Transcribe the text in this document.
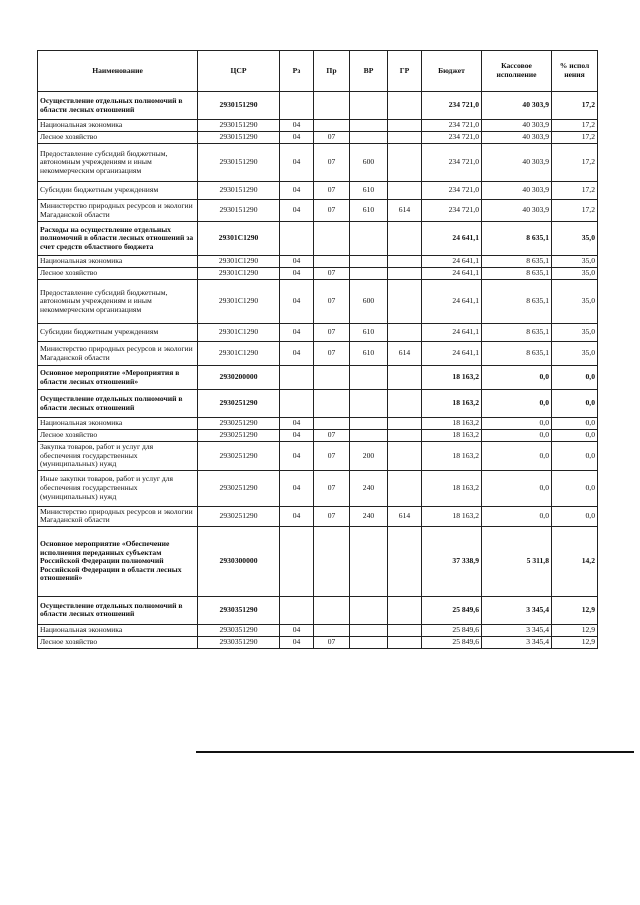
Наименование	ЦСР	Рз	Пр	ВР	ГР	Бюджет	Кассовое исполнение	% испол нения
Осуществление отдельных полномочий в области лесных отношений	2930151290					234 721,0	40 303,9	17,2
Национальная экономика	2930151290	04				234 721,0	40 303,9	17,2
Лесное хозяйство	2930151290	04	07			234 721,0	40 303,9	17,2
Предоставление субсидий бюджетным, автономным учреждениям и иным некоммерческим организациям	2930151290	04	07	600		234 721,0	40 303,9	17,2
Субсидии бюджетным учреждениям	2930151290	04	07	610		234 721,0	40 303,9	17,2
Министерство природных ресурсов и экологии Магаданской области	2930151290	04	07	610	614	234 721,0	40 303,9	17,2
Расходы на осуществление отдельных полномочий в области лесных отношений за счет средств областного бюджета	29301С1290					24 641,1	8 635,1	35,0
Национальная экономика	29301С1290	04				24 641,1	8 635,1	35,0
Лесное хозяйство	29301С1290	04	07			24 641,1	8 635,1	35,0
Предоставление субсидий бюджетным, автономным учреждениям и иным некоммерческим организациям	29301С1290	04	07	600		24 641,1	8 635,1	35,0
Субсидии бюджетным учреждениям	29301С1290	04	07	610		24 641,1	8 635,1	35,0
Министерство природных ресурсов и экологии Магаданской области	29301С1290	04	07	610	614	24 641,1	8 635,1	35,0
Основное мероприятие «Мероприятия в области лесных отношений»	2930200000					18 163,2	0,0	0,0
Осуществление отдельных полномочий в области лесных отношений	2930251290					18 163,2	0,0	0,0
Национальная экономика	2930251290	04				18 163,2	0,0	0,0
Лесное хозяйство	2930251290	04	07			18 163,2	0,0	0,0
Закупка товаров, работ и услуг для обеспечения государственных (муниципальных) нужд	2930251290	04	07	200		18 163,2	0,0	0,0
Иные закупки товаров, работ и услуг для обеспечения государственных (муниципальных) нужд	2930251290	04	07	240		18 163,2	0,0	0,0
Министерство природных ресурсов и экологии Магаданской области	2930251290	04	07	240	614	18 163,2	0,0	0,0
Основное мероприятие «Обеспечение исполнения переданных субъектам Российской Федерации полномочий Российской Федерации в области лесных отношений»	2930300000					37 338,9	5 311,8	14,2
Осуществление отдельных полномочий в области лесных отношений	2930351290					25 849,6	3 345,4	12,9
Национальная экономика	2930351290	04				25 849,6	3 345,4	12,9
Лесное хозяйство	2930351290	04	07			25 849,6	3 345,4	12,9
